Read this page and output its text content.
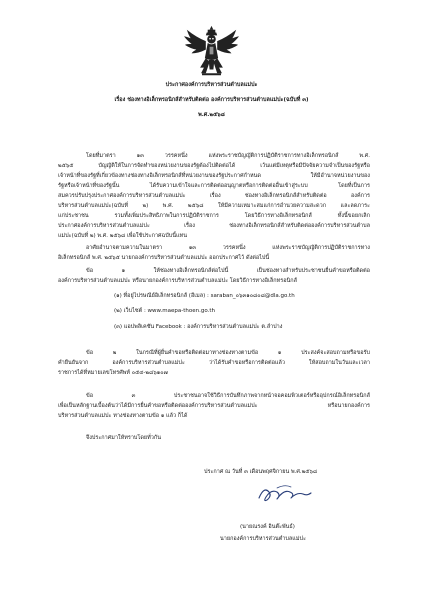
ประกาศองค์การบริหารส่วนตำบลแม่ปะ
เรื่อง ช่องทางอิเล็กทรอนิกส์สำหรับติดต่อ องค์การบริหารส่วนตำบลแม่ปะ(ฉบับที่ ๓)
พ.ศ.๒๕๖๘
โดยที่มาตรา ๑๓ วรรคหนึ่ง แห่งพระราชบัญญัติการปฏิบัติราชการทางอิเล็กทรอนิกส์ พ.ศ.
๒๕๖๕ บัญญัติให้ในการจัดทำของหน่วยงานของรัฐต้องไปติดต่อได้ เว้นแต่มีเหตุหรือมีปัจจัยความจำเป็นของรัฐหรือ
เจ้าหน้าที่ของรัฐที่เกี่ยวข้องทางช่องทางอิเล็กทรอนิกส์ที่หน่วยงานของรัฐประกาศกำหนด ให้มีอำนาจหน่วยงานของ
รัฐหรือเจ้าหน้าที่ของรัฐนั้น ได้รับความเข้าใจและการติดต่ออนุญาตหรือการติดต่ออื่นเข้าสู่ระบบ โดยที่เป็นการ
สมควรปรับปรุงประกาศองค์การบริหารส่วนตำบลแม่ปะ เรื่อง ช่องทางอิเล็กทรอนิกส์สำหรับติดต่อ องค์การ
บริหารส่วนตำบลแม่ปะ(ฉบับที่ ๒) พ.ศ. ๒๕๖๘ ให้มีความเหมาะสมแก่การอำนวยความสะดวก และลดภาระ
แก่ประชาชน รวมทั้งเพิ่มประสิทธิภาพในการปฏิบัติราชการ โดยวิธีการทางอิเล็กทรอนิกส์ ทั้งนี้ขอยกเลิก
ประกาศองค์การบริหารส่วนตำบลแม่ปะ เรื่อง ช่องทางอิเล็กทรอนิกส์สำหรับติดต่อองค์การบริหารส่วนตำบล
แม่ปะ(ฉบับที่ ๒) พ.ศ. ๒๕๖๘ เพื่อใช้ประกาศฉบับนี้แทน
อาศัยอำนาจตามความในมาตรา ๑๓ วรรคหนึ่ง แห่งพระราชบัญญัติการปฏิบัติราชการทาง
อิเล็กทรอนิกส์ พ.ศ. ๒๕๖๕ นายกองค์การบริหารส่วนตำบลแม่ปะ ออกประกาศไว้ ดังต่อไปนี้
ข้อ ๑ ให้ช่องทางอิเล็กทรอนิกส์ต่อไปนี้ เป็นช่องทางสำหรับประชาชนยื่นคำขอหรือติดต่อ
องค์การบริหารส่วนตำบลแม่ปะ หรือนายกองค์การบริหารส่วนตำบลแม่ปะ โดยวิธีการทางอิเล็กทรอนิกส์
(๑) ที่อยู่ไปรษณีย์อิเล็กทรอนิกส์ (อีเมล) : saraban_๐๖๓๑๐๘๐๘@dla.go.th
(๒) เว็บไซต์ : www.maepa-thoen.go.th
(๓) แอปพลิเคชัน Facebook : องค์การบริหารส่วนตำบลแม่ปะ ต.ลำปาง
ข้อ ๒ ในกรณีที่ผู้ยื่นคำขอหรือติดต่อมาทางช่องทางตามข้อ ๑ ประสงค์จะสอบถามหรือขอรับ
คำยืนยันจาก องค์การบริหารส่วนตำบลแม่ปะ ว่าได้รับคำขอหรือการติดต่อแล้ว ให้สอบถามในวันและเวลา
ราชการได้ที่หมายเลขโทรศัพท์ ๐๕๔-๒๘๖๑๐๗
ข้อ ๓ ประชาชนอาจใช้วิธีการบันทึกภาพจากหน้าจอคอมพิวเตอร์หรืออุปกรณ์อิเล็กทรอนิกส์
เพื่อเป็นหลักฐานเบื้องต้นว่าได้มีการยื่นคำขอหรือติดต่อองค์การบริหารส่วนตำบลแม่ปะ หรือนายกองค์การ
บริหารส่วนตำบลแม่ปะ ทางช่องทางตามข้อ ๑ แล้ว ก็ได้
จึงประกาศมาให้ทราบโดยทั่วกัน
ประกาศ ณ วันที่ ๓ เดือนพฤศจิกายน พ.ศ.๒๕๖๘
(นายณรงค์ อินต๊ะพันธ์)
นายกองค์การบริหารส่วนตำบลแม่ปะ
